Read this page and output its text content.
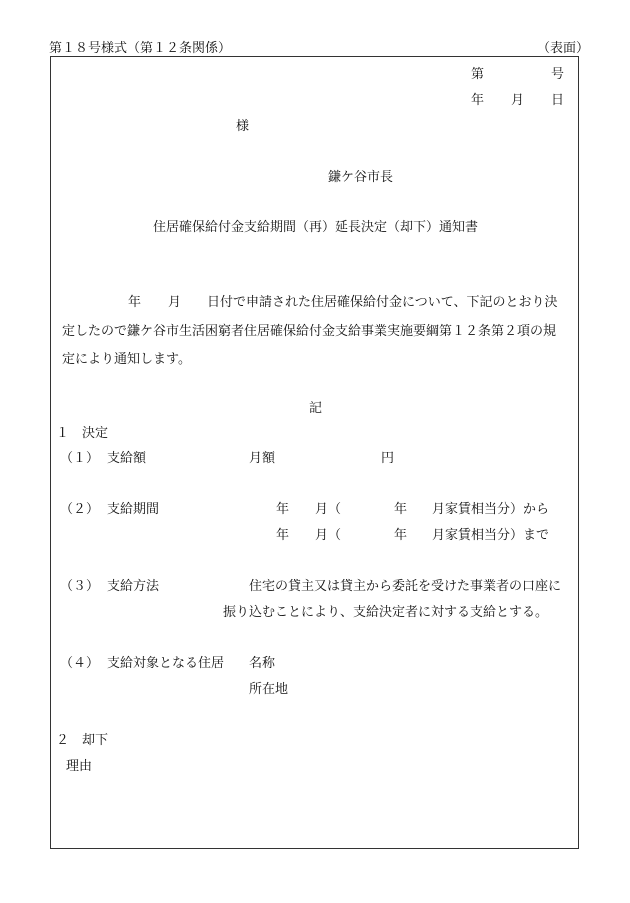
第１８号様式（第１２条関係）	（表面）
第	号
年 月 日
様
鎌ケ谷市長
住居確保給付金支給期間（再）延長決定（却下）通知書
年 月 日付で申請された住居確保給付金について、下記のとおり決
定したので鎌ケ谷市生活困窮者住居確保給付金支給事業実施要綱第１２条第２項の規
定により通知します。
記
１　決定
（１） 支給額	月額	円
（２） 支給期間	年 月（	年 月家賃相当分）から
年 月（	年 月家賃相当分）まで
（３） 支給方法	住宅の貸主又は貸主から委託を受けた事業者の口座に
振り込むことにより、支給決定者に対する支給とする。
（４） 支給対象となる住居 名称
所在地
２　却下
理由
